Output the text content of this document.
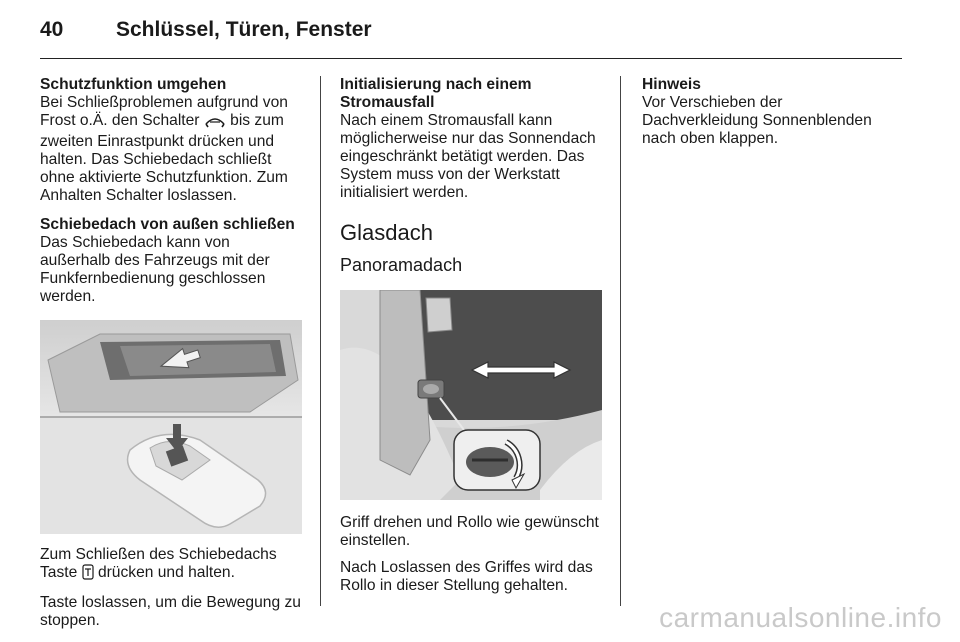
40	Schlüssel, Türen, Fenster

Schutzfunktion umgehen

Bei Schließproblemen aufgrund von Frost o.Ä. den Schalter  bis zum zweiten Einrastpunkt drücken und halten. Das Schiebedach schließt ohne aktivierte Schutzfunktion. Zum Anhalten Schalter loslassen.

Schiebedach von außen schließen

Das Schiebedach kann von außerhalb des Fahrzeugs mit der Funkfernbedienung geschlossen werden.

Zum Schließen des Schiebedachs Taste  drücken und halten.

Taste loslassen, um die Bewegung zu stoppen.

Initialisierung nach einem Stromausfall

Nach einem Stromausfall kann möglicherweise nur das Sonnendach eingeschränkt betätigt werden. Das System muss von der Werkstatt initialisiert werden.

Glasdach
Panoramadach

Griff drehen und Rollo wie gewünscht einstellen.

Nach Loslassen des Griffes wird das Rollo in dieser Stellung gehalten.

Hinweis

Vor Verschieben der Dachverkleidung Sonnenblenden nach oben klappen.

carmanualsonline.info
